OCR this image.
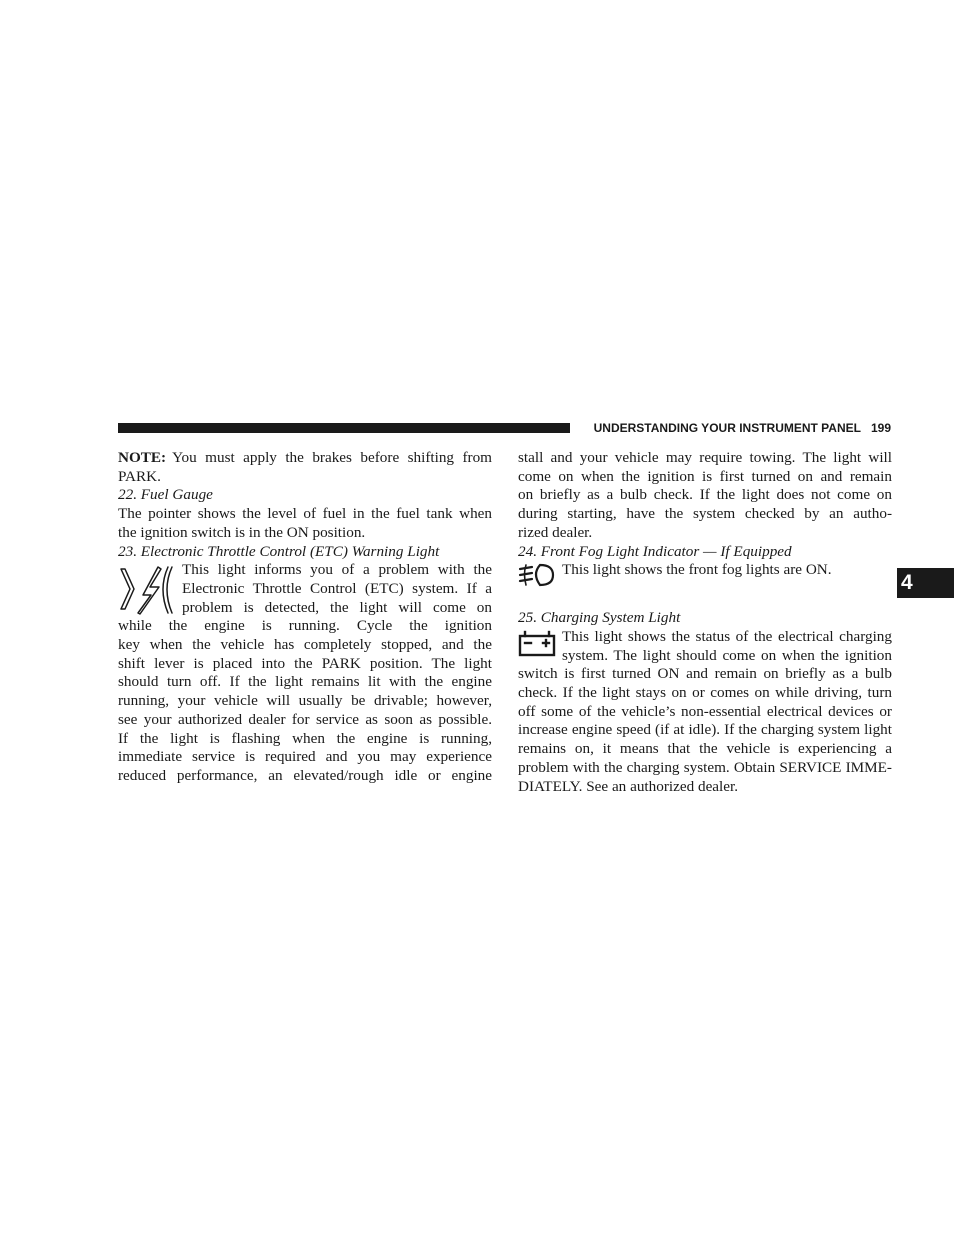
UNDERSTANDING YOUR INSTRUMENT PANEL 199
4

NOTE: You must apply the brakes before shifting from
PARK.

22. Fuel Gauge

The pointer shows the level of fuel in the fuel tank when
the ignition switch is in the ON position.

23. Electronic Throttle Control (ETC) Warning Light

This light informs you of a problem with the
Electronic Throttle Control (ETC) system. If a
problem is detected, the light will come on
while the engine is running. Cycle the ignition
key when the vehicle has completely stopped, and the
shift lever is placed into the PARK position. The light
should turn off. If the light remains lit with the engine
running, your vehicle will usually be drivable; however,
see your authorized dealer for service as soon as possible.
If the light is flashing when the engine is running,
immediate service is required and you may experience
reduced performance, an elevated/rough idle or engine

stall and your vehicle may require towing. The light will
come on when the ignition is first turned on and remain
on briefly as a bulb check. If the light does not come on
during starting, have the system checked by an autho-
rized dealer.

24. Front Fog Light Indicator — If Equipped

This light shows the front fog lights are ON.

25. Charging System Light

This light shows the status of the electrical charging
system. The light should come on when the ignition
switch is first turned ON and remain on briefly as a bulb
check. If the light stays on or comes on while driving, turn
off some of the vehicle’s non-essential electrical devices or
increase engine speed (if at idle). If the charging system light
remains on, it means that the vehicle is experiencing a
problem with the charging system. Obtain SERVICE IMME-
DIATELY. See an authorized dealer.
